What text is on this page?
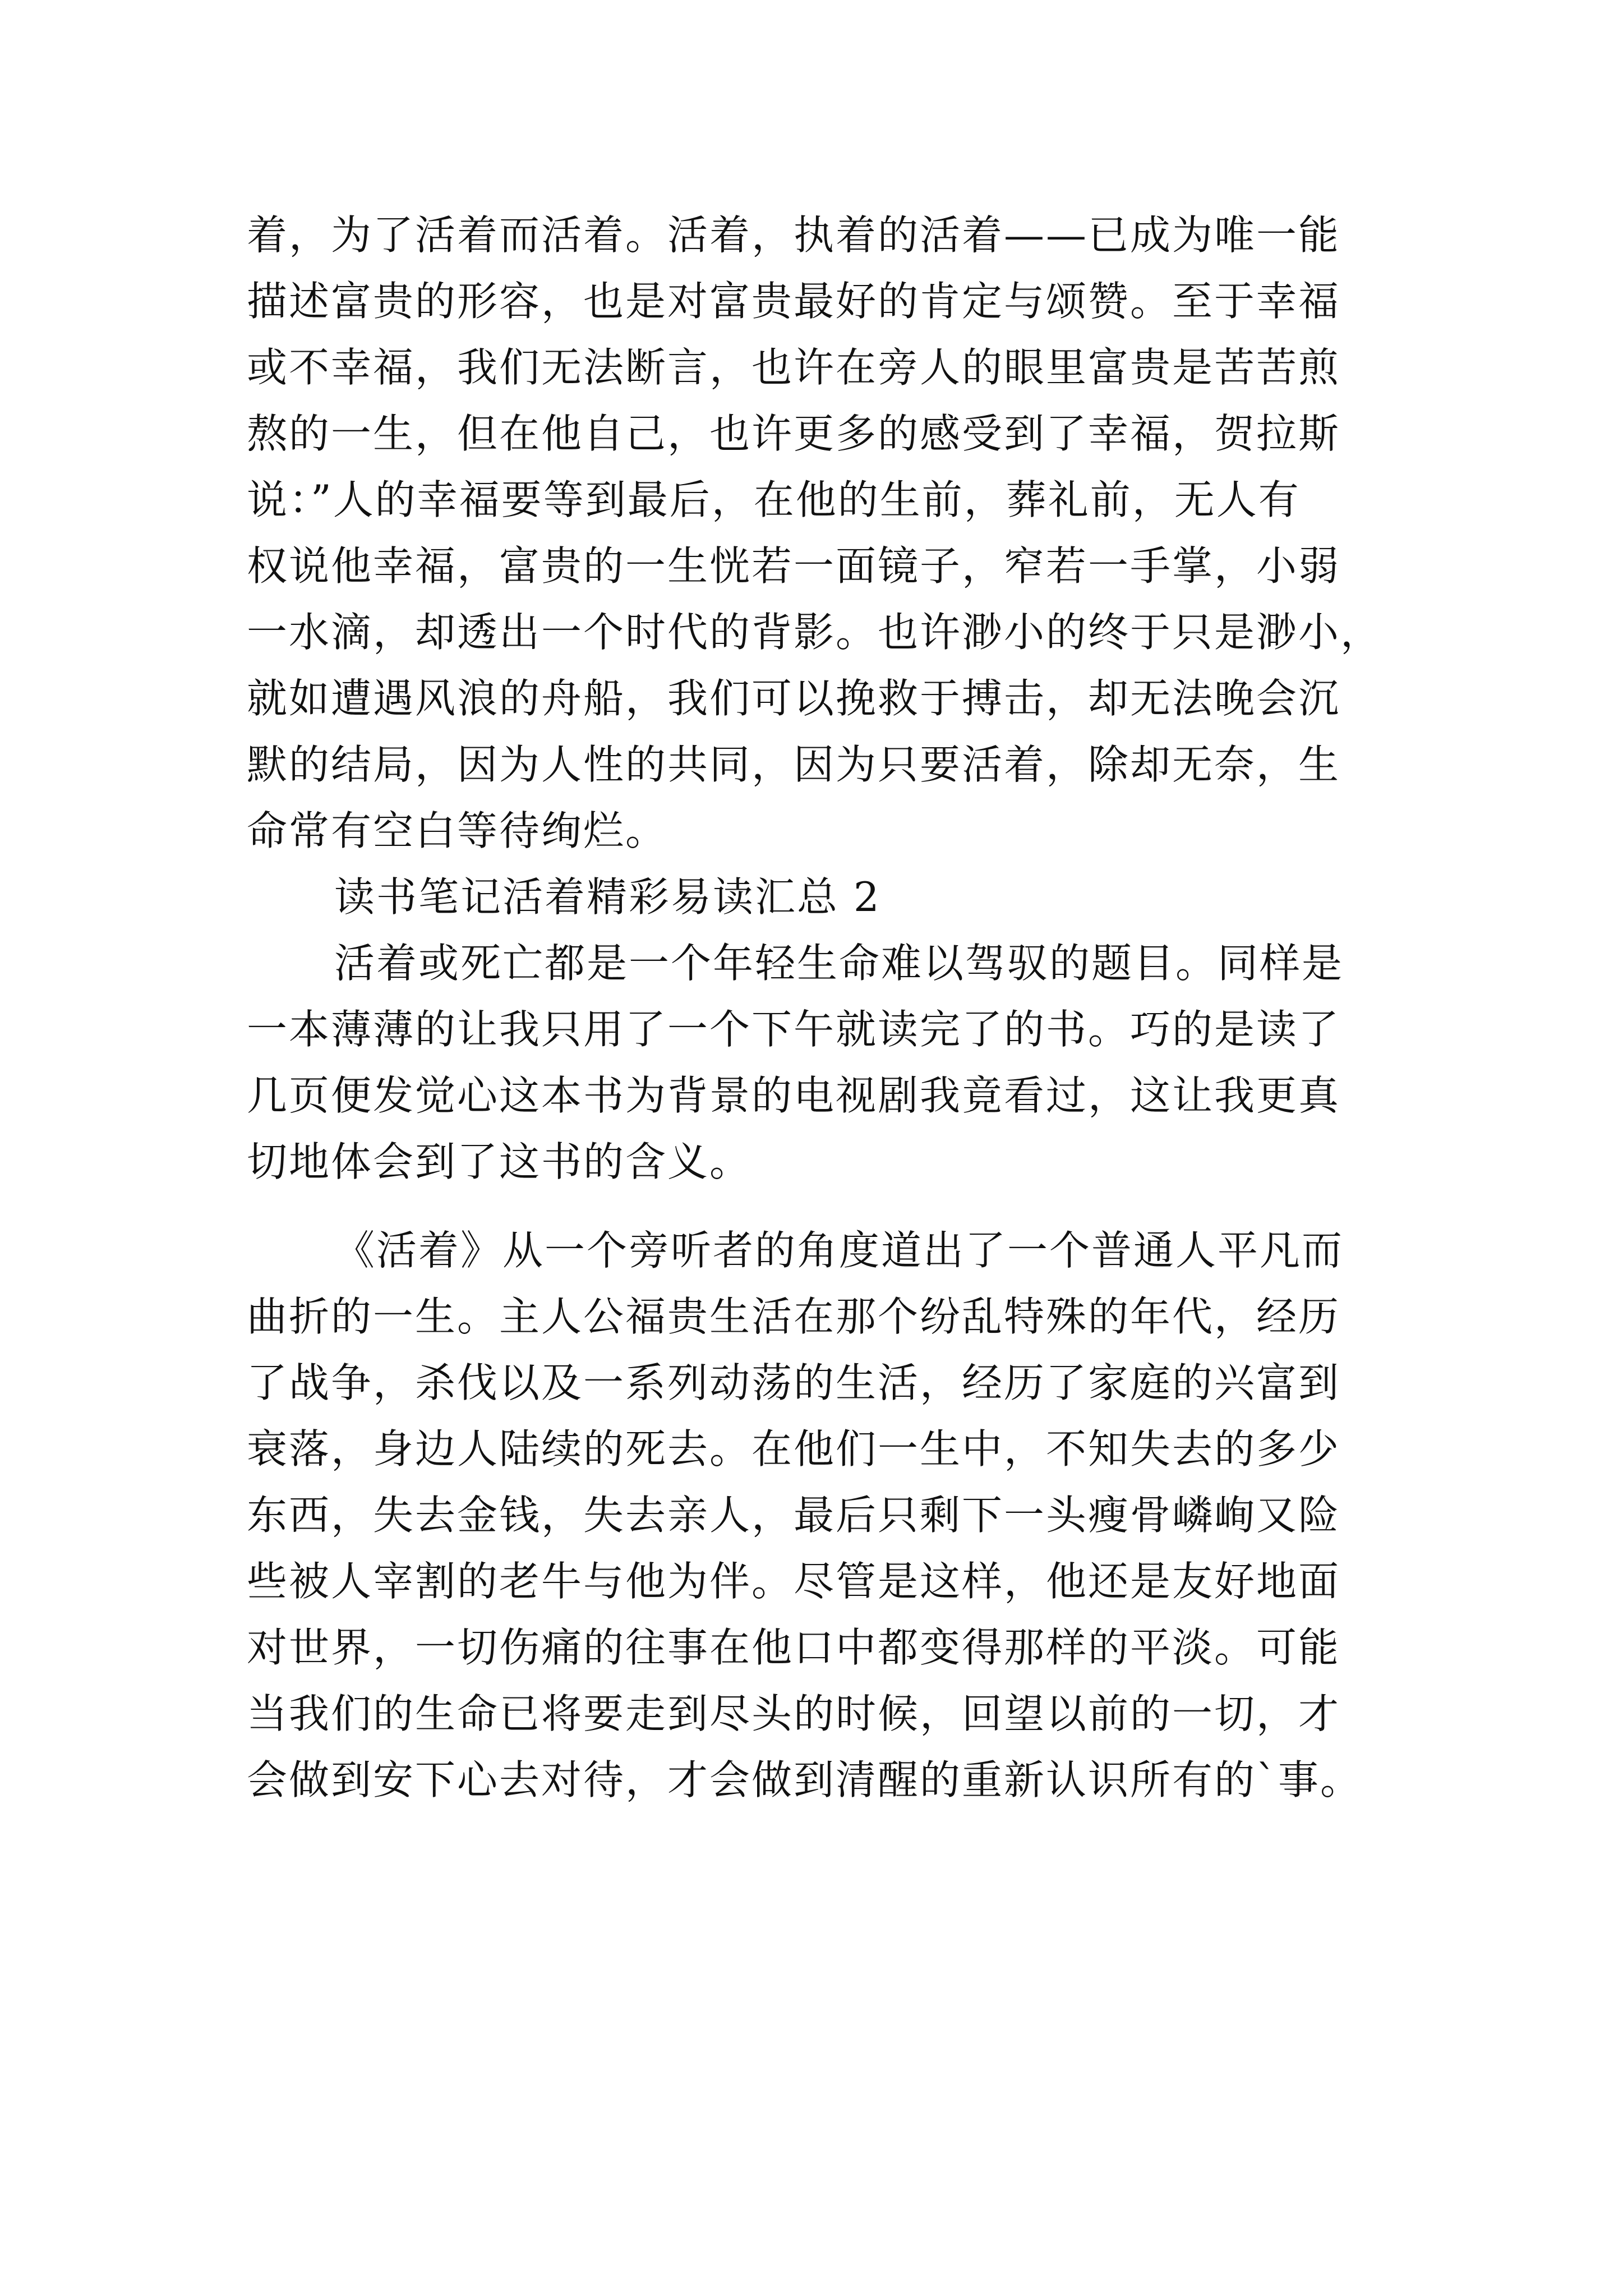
着，为了活着而活着。活着，执着的活着——已成为唯一能
描述富贵的形容，也是对富贵最好的肯定与颂赞。至于幸福
或不幸福，我们无法断言，也许在旁人的眼里富贵是苦苦煎
熬的一生，但在他自己，也许更多的感受到了幸福，贺拉斯
说：”人的幸福要等到最后，在他的生前，葬礼前，无人有
权说他幸福，富贵的一生恍若一面镜子，窄若一手掌，小弱
一水滴，却透出一个时代的背影。也许渺小的终于只是渺小，
就如遭遇风浪的舟船，我们可以挽救于搏击，却无法晚会沉
默的结局，因为人性的共同，因为只要活着，除却无奈，生
命常有空白等待绚烂。
读书笔记活着精彩易读汇总 2
活着或死亡都是一个年轻生命难以驾驭的题目。同样是
一本薄薄的让我只用了一个下午就读完了的书。巧的是读了
几页便发觉心这本书为背景的电视剧我竟看过，这让我更真
切地体会到了这书的含义。
《活着》从一个旁听者的角度道出了一个普通人平凡而
曲折的一生。主人公福贵生活在那个纷乱特殊的年代，经历
了战争，杀伐以及一系列动荡的生活，经历了家庭的兴富到
衰落，身边人陆续的死去。在他们一生中，不知失去的多少
东西，失去金钱，失去亲人，最后只剩下一头瘦骨嶙峋又险
些被人宰割的老牛与他为伴。尽管是这样，他还是友好地面
对世界，一切伤痛的往事在他口中都变得那样的平淡。可能
当我们的生命已将要走到尽头的时候，回望以前的一切，才
会做到安下心去对待，才会做到清醒的重新认识所有的`事。
